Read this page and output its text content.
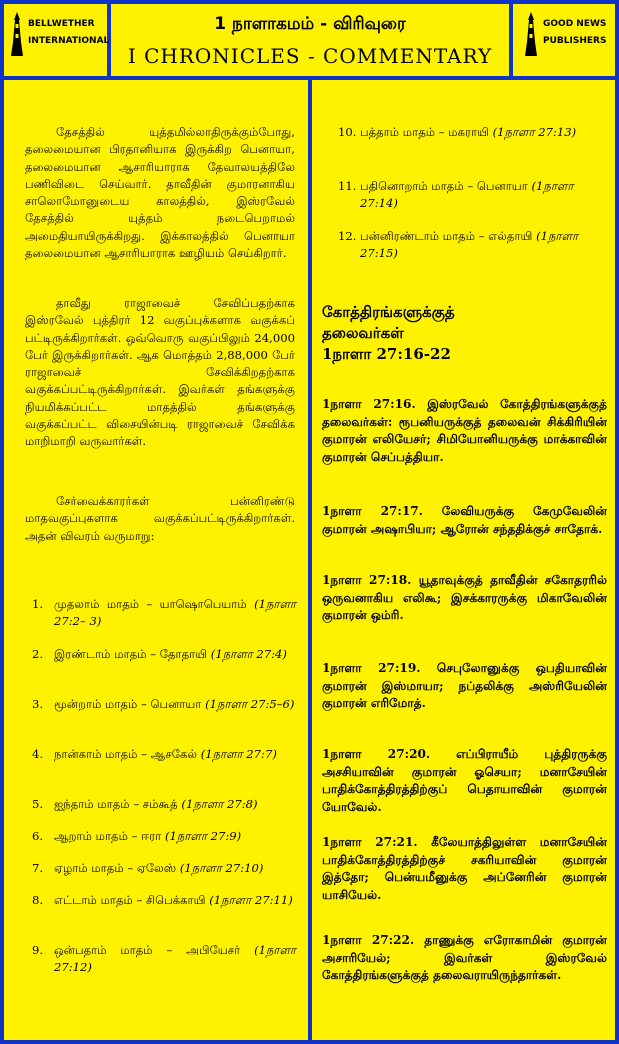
BELLWETHER
INTERNATIONAL
1 நாளாகமம் - விரிவுரை
I CHRONICLES - COMMENTARY
GOOD NEWS
PUBLISHERS

தேசத்தில் யுத்தமில்லாதிருக்கும்போது, தலைமையான பிரதானியாக இருக்கிற பெனாயா, தலைமையான ஆசாரியாராக தேவாலயத்திலே பணிவிடை செய்வார். தாவீதின் குமாரனாகிய சாலொமோனுடைய காலத்தில், இஸ்ரவேல் தேசத்தில் யுத்தம் நடைபெறாமல் அமைதியாயிருக்கிறது. இக்காலத்தில் பெனாயா தலைமையான ஆசாரியாராக ஊழியம் செய்கிறார்.

தாவீது ராஜாவைச் சேவிப்பதற்காக இஸ்ரவேல் புத்திரர் 12 வகுப்புக்களாக வகுக்கப் பட்டிருக்கிறார்கள். ஒவ்வொரு வகுப்பிலும் 24,000 பேர் இருக்கிறார்கள். ஆக மொத்தம் 2,88,000 பேர் ராஜாவைச் சேவிக்கிறதற்காக வகுக்கப்பட்டிருக்கிறார்கள். இவர்கள் தங்களுக்கு நியமிக்கப்பட்ட மாதத்தில் தங்களுக்கு வகுக்கப்பட்ட விசையின்படி ராஜாவைச் சேவிக்க மாறிமாறி வருவார்கள்.

சேர்வைக்காரர்கள் பன்னிரண்டு மாதவகுப்புகளாக வகுக்கப்பட்டிருக்கிறார்கள். அதன் விவரம் வருமாறு:

1. முதலாம் மாதம் – யாஷொபெயாம் (1நாளா 27:2– 3)

2. இரண்டாம் மாதம் – தோதாயி (1நாளா 27:4)

3. மூன்றாம் மாதம் – பெனாயா (1நாளா 27:5–6)

4. நான்காம் மாதம் – ஆசகேல் (1நாளா 27:7)

5. ஐந்தாம் மாதம் – சம்கூத் (1நாளா 27:8)

6. ஆறாம் மாதம் – ஈரா (1நாளா 27:9)

7. ஏழாம் மாதம் – ஏலேஸ் (1நாளா 27:10)

8. எட்டாம் மாதம் – சிபெக்காயி (1நாளா 27:11)

9. ஒன்பதாம் மாதம் – அபியேசர் (1நாளா 27:12)

10. பத்தாம் மாதம் – மகராயி (1நாளா 27:13)

11. பதினொறாம் மாதம் – பெனாயா (1நாளா 27:14)

12. பன்னிரண்டாம் மாதம் – எல்தாயி (1நாளா 27:15)

கோத்திரங்களுக்குத்
தலைவர்கள்
1நாளா 27:16-22

1நாளா 27:16. இஸ்ரவேல் கோத்திரங்களுக்குத் தலைவர்கள்: ரூபனியருக்குத் தலைவன் சிக்கிரியின் குமாரன் எலியேசர்; சிமியோனியருக்கு மாக்காவின் குமாரன் செப்பத்தியா.

1நாளா 27:17. லேவியருக்கு கேமுவேலின் குமாரன் அஷாபியா; ஆரோன் சந்ததிக்குச் சாதோக்.

1நாளா 27:18. யூதாவுக்குத் தாவீதின் சகோதரரில் ஒருவனாகிய எலிகூ; இசக்காரருக்கு மிகாவேலின் குமாரன் ஒம்ரி.

1நாளா 27:19. செபுலோனுக்கு ஒபதியாவின் குமாரன் இஸ்மாயா; நப்தலிக்கு அஸ்ரியேலின் குமாரன் எரிமோத்.

1நாளா 27:20. எப்பிராயீம் புத்திரருக்கு அசசியாவின் குமாரன் ஓசெயா; மனாசேயின் பாதிக்கோத்திரத்திற்குப் பெதாயாவின் குமாரன் யோவேல்.

1நாளா 27:21. கீலேயாத்திலுள்ள மனாசேயின் பாதிக்கோத்திரத்திற்குச் சகரியாவின் குமாரன் இத்தோ; பென்யமீனுக்கு அப்னேரின் குமாரன் யாசியேல்.

1நாளா 27:22. தாணுக்கு எரோகாமின் குமாரன் அசாரியேல்; இவர்கள் இஸ்ரவேல் கோத்திரங்களுக்குத் தலைவராயிருந்தார்கள்.
